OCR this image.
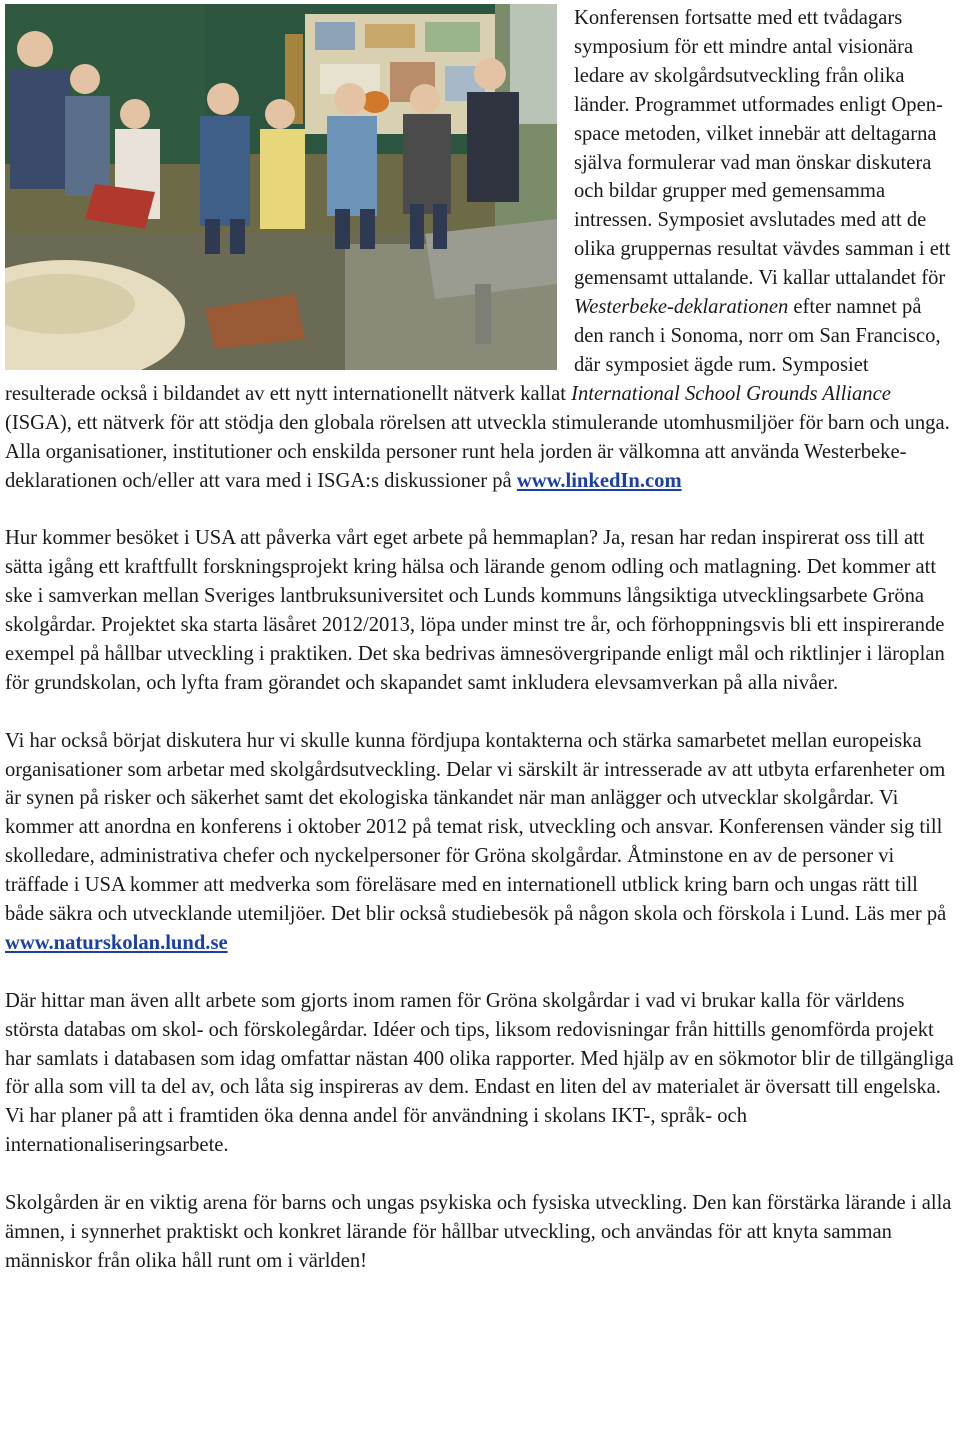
Konferensen fortsatte med ett tvådagars symposium för ett mindre antal visionära ledare av skolgårdsutveckling från olika länder. Programmet utformades enligt Open-space metoden, vilket innebär att deltagarna själva formulerar vad man önskar diskutera och bildar grupper med gemensamma intressen. Symposiet avslutades med att de olika gruppernas resultat vävdes samman i ett gemensamt uttalande. Vi kallar uttalandet för Westerbeke-deklarationen efter namnet på den ranch i Sonoma, norr om San Francisco, där symposiet ägde rum. Symposiet resulterade också i bildandet av ett nytt internationellt nätverk kallat International School Grounds Alliance (ISGA), ett nätverk för att stödja den globala rörelsen att utveckla stimulerande utomhusmiljöer för barn och unga. Alla organisationer, institutioner och enskilda personer runt hela jorden är välkomna att använda Westerbeke-deklarationen och/eller att vara med i ISGA:s diskussioner på www.linkedIn.com

Hur kommer besöket i USA att påverka vårt eget arbete på hemmaplan? Ja, resan har redan inspirerat oss till att sätta igång ett kraftfullt forskningsprojekt kring hälsa och lärande genom odling och matlagning. Det kommer att ske i samverkan mellan Sveriges lantbruksuniversitet och Lunds kommuns långsiktiga utvecklingsarbete Gröna skolgårdar. Projektet ska starta läsåret 2012/2013, löpa under minst tre år, och förhoppningsvis bli ett inspirerande exempel på hållbar utveckling i praktiken. Det ska bedrivas ämnesövergripande enligt mål och riktlinjer i läroplan för grundskolan, och lyfta fram görandet och skapandet samt inkludera elevsamverkan på alla nivåer.

Vi har också börjat diskutera hur vi skulle kunna fördjupa kontakterna och stärka samarbetet mellan europeiska organisationer som arbetar med skolgårdsutveckling. Delar vi särskilt är intresserade av att utbyta erfarenheter om är synen på risker och säkerhet samt det ekologiska tänkandet när man anlägger och utvecklar skolgårdar. Vi kommer att anordna en konferens i oktober 2012 på temat risk, utveckling och ansvar. Konferensen vänder sig till skolledare, administrativa chefer och nyckelpersoner för Gröna skolgårdar. Åtminstone en av de personer vi träffade i USA kommer att medverka som föreläsare med en internationell utblick kring barn och ungas rätt till både säkra och utvecklande utemiljöer. Det blir också studiebesök på någon skola och förskola i Lund. Läs mer på www.naturskolan.lund.se

Där hittar man även allt arbete som gjorts inom ramen för Gröna skolgårdar i vad vi brukar kalla för världens största databas om skol- och förskolegårdar. Idéer och tips, liksom redovisningar från hittills genomförda projekt har samlats i databasen som idag omfattar nästan 400 olika rapporter. Med hjälp av en sökmotor blir de tillgängliga för alla som vill ta del av, och låta sig inspireras av dem. Endast en liten del av materialet är översatt till engelska. Vi har planer på att i framtiden öka denna andel för användning i skolans IKT-, språk- och internationaliseringsarbete.

Skolgården är en viktig arena för barns och ungas psykiska och fysiska utveckling. Den kan förstärka lärande i alla ämnen, i synnerhet praktiskt och konkret lärande för hållbar utveckling, och användas för att knyta samman människor från olika håll runt om i världen!
